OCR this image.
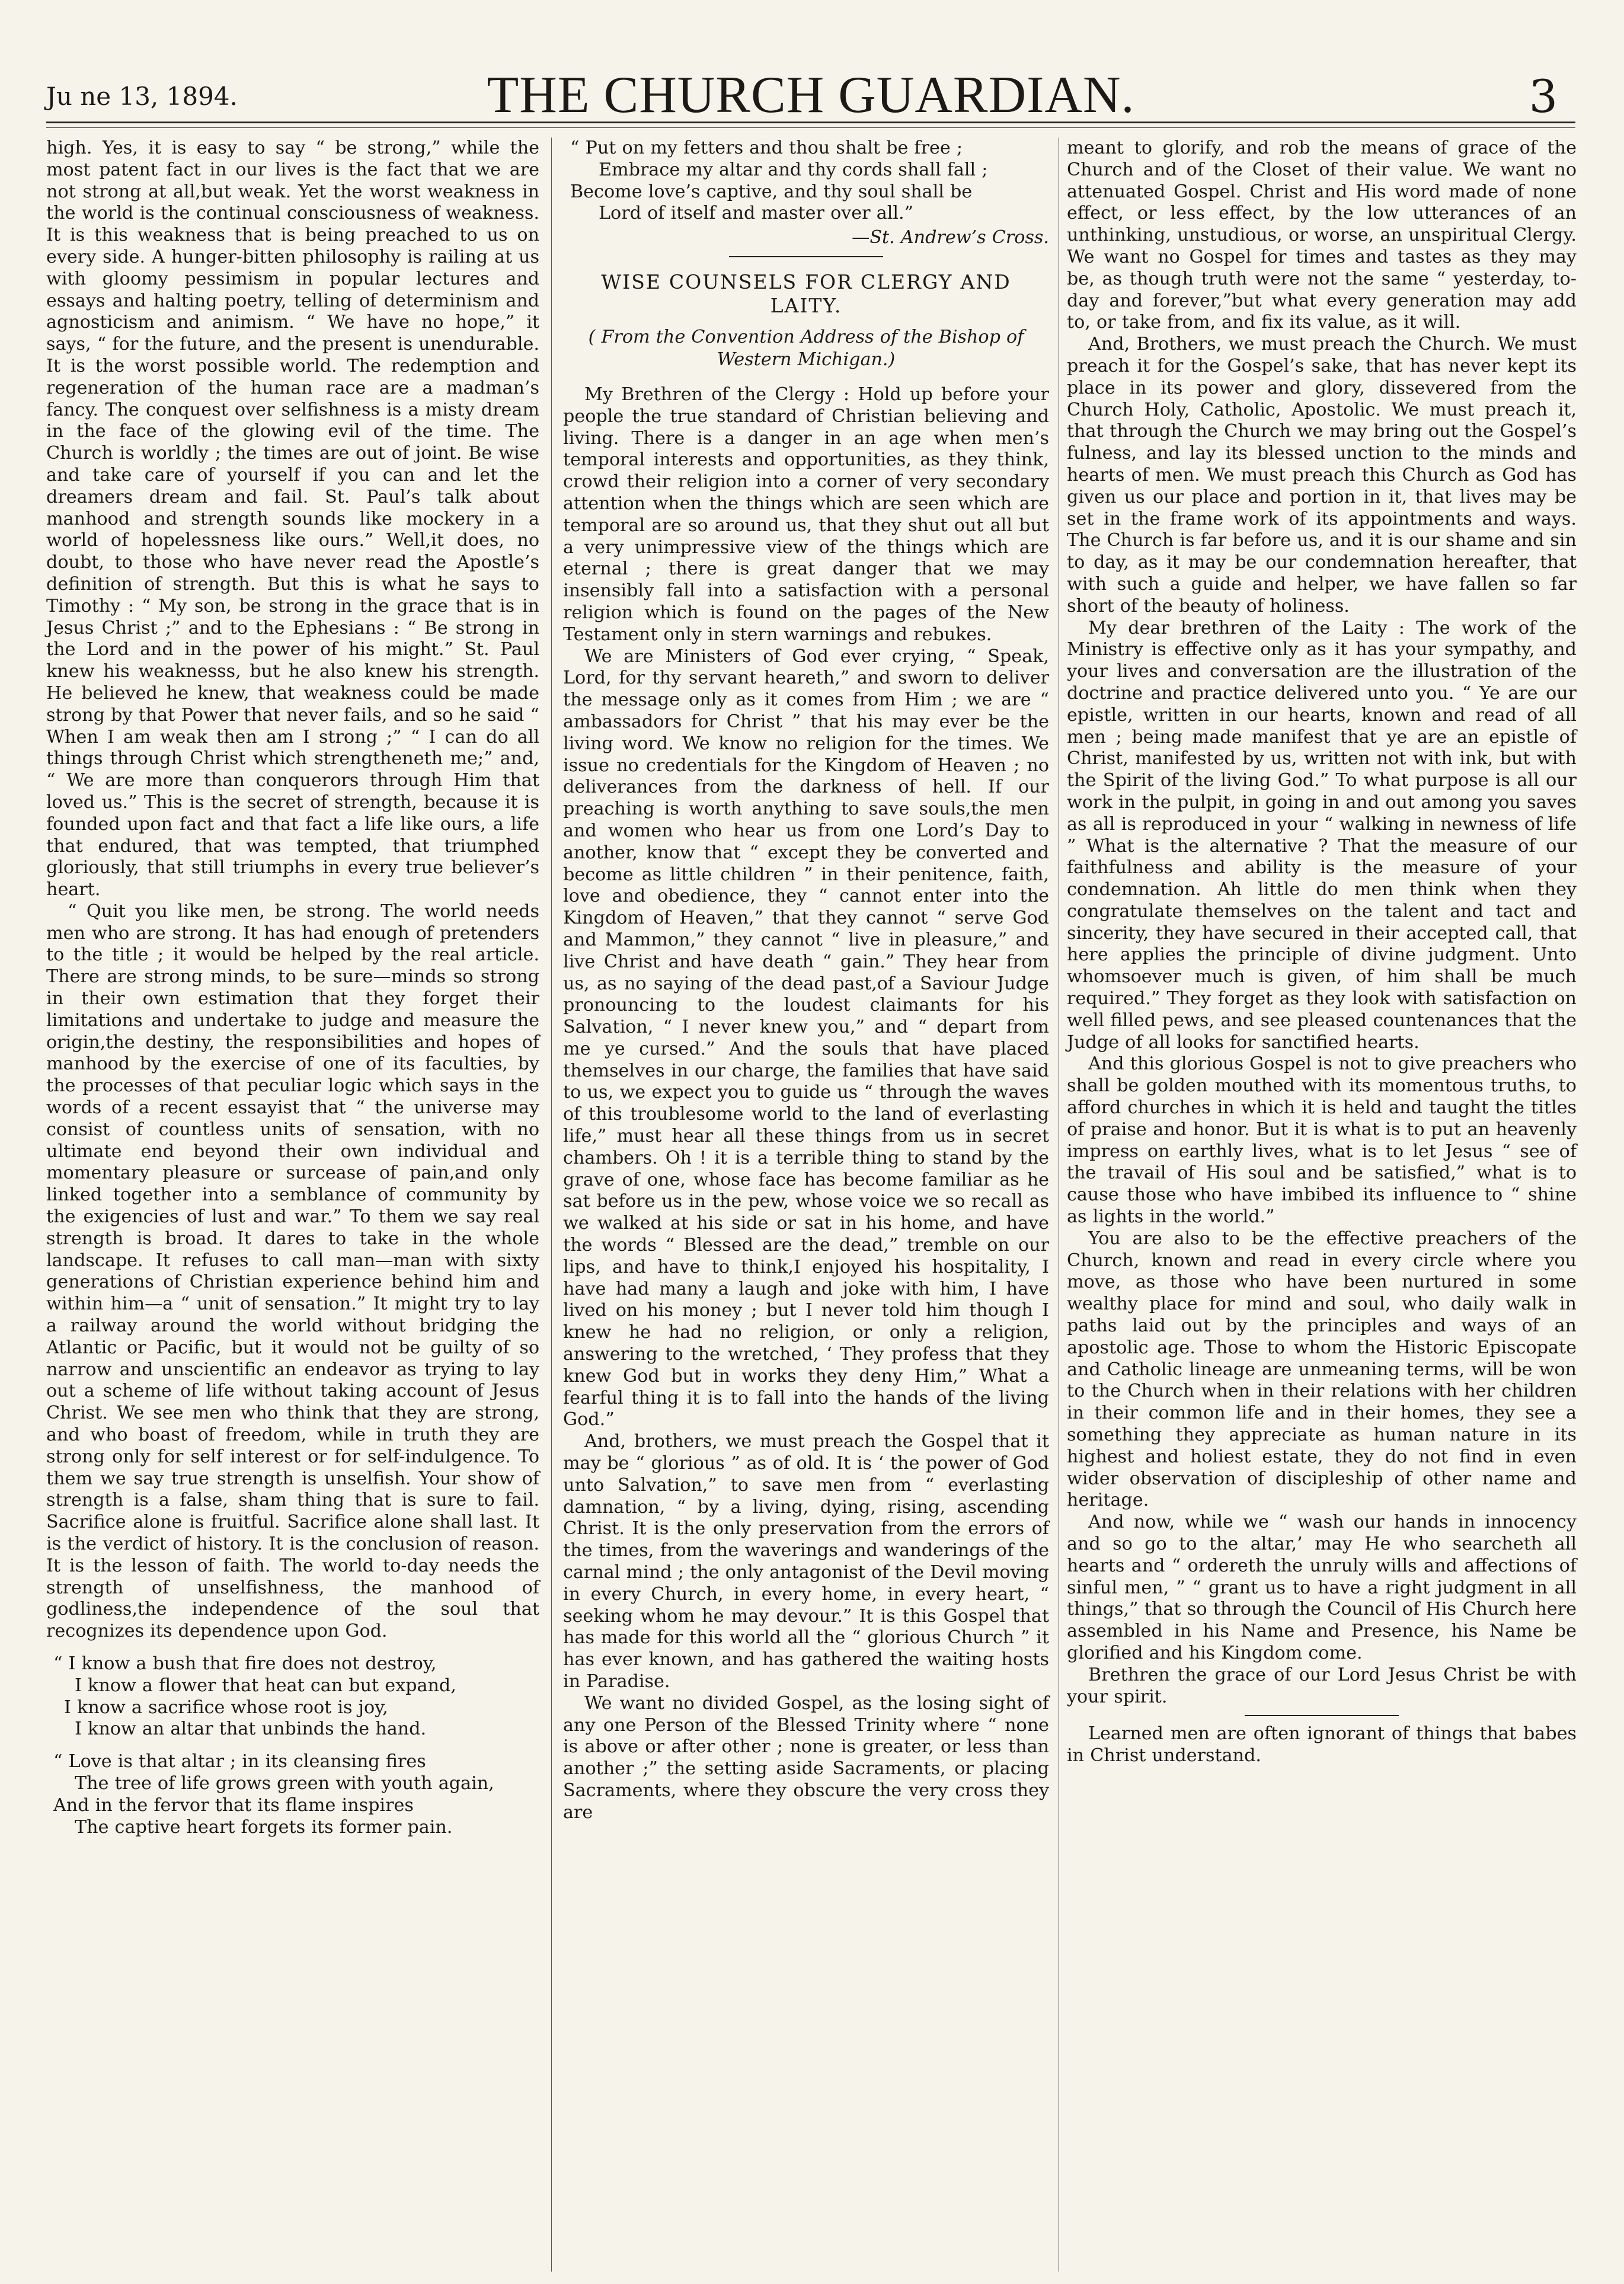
Ju ne 13, 1894.	THE CHURCH GUARDIAN.	3

high. Yes, it is easy to say “ be strong,” while the most patent fact in our lives is the fact that we are not strong at all,but weak. Yet the worst weakness in the world is the continual consciousness of weakness. It is this weakness that is being preached to us on every side. A hunger-bitten philosophy is railing at us with gloomy pessimism in popular lectures and essays and halting poetry, telling of determinism and agnosticism and animism. “ We have no hope,” it says, “ for the future, and the present is unendurable. It is the worst possible world. The redemption and regeneration of the human race are a madman’s fancy. The conquest over selfishness is a misty dream in the face of the glowing evil of the time. The Church is worldly ; the times are out of joint. Be wise and take care of yourself if you can and let the dreamers dream and fail. St. Paul’s talk about manhood and strength sounds like mockery in a world of hopelessness like ours.” Well,it does, no doubt, to those who have never read the Apostle’s definition of strength. But this is what he says to Timothy : “ My son, be strong in the grace that is in Jesus Christ ;” and to the Ephesians : “ Be strong in the Lord and in the power of his might.” St. Paul knew his weaknesss, but he also knew his strength. He believed he knew, that weakness could be made strong by that Power that never fails, and so he said “ When I am weak then am I strong ;” “ I can do all things through Christ which strengtheneth me;” and, “ We are more than conquerors through Him that loved us.” This is the secret of strength, because it is founded upon fact and that fact a life like ours, a life that endured, that was tempted, that triumphed gloriously, that still triumphs in every true believer’s heart.

“ Quit you like men, be strong. The world needs men who are strong. It has had enough of pretenders to the title ; it would be helped by the real article. There are strong minds, to be sure—minds so strong in their own estimation that they forget their limitations and undertake to judge and measure the origin,the destiny, the responsibilities and hopes of manhood by the exercise of one of its faculties, by the processes of that peculiar logic which says in the words of a recent essayist that “ the universe may consist of countless units of sensation, with no ultimate end beyond their own individual and momentary pleasure or surcease of pain,and only linked together into a semblance of community by the exigencies of lust and war.” To them we say real strength is broad. It dares to take in the whole landscape. It refuses to call man—man with sixty generations of Christian experience behind him and within him—a “ unit of sensation.” It might try to lay a railway around the world without bridging the Atlantic or Pacific, but it would not be guilty of so narrow and unscientific an endeavor as trying to lay out a scheme of life without taking account of Jesus Christ. We see men who think that they are strong, and who boast of freedom, while in truth they are strong only for self interest or for self-indulgence. To them we say true strength is unselfish. Your show of strength is a false, sham thing that is sure to fail. Sacrifice alone is fruitful. Sacrifice alone shall last. It is the verdict of history. It is the conclusion of reason. It is the lesson of faith. The world to-day needs the strength of unselfishness, the manhood of godliness,the independence of the soul that recognizes its dependence upon God.

“ I know a bush that fire does not destroy,
I know a flower that heat can but expand,
I know a sacrifice whose root is joy,
I know an altar that unbinds the hand.
“ Love is that altar ; in its cleansing fires
The tree of life grows green with youth again,
And in the fervor that its flame inspires
The captive heart forgets its former pain.
“ Put on my fetters and thou shalt be free ;
Embrace my altar and thy cords shall fall ;
Become love’s captive, and thy soul shall be
Lord of itself and master over all.”
—St. Andrew’s Cross.
WISE COUNSELS FOR CLERGY AND LAITY.
( From the Convention Address of the Bishop of Western Michigan.)

My Brethren of the Clergy : Hold up before your people the true standard of Christian believing and living. There is a danger in an age when men’s temporal interests and opportunities, as they think, crowd their religion into a corner of very secondary attention when the things which are seen which are temporal are so around us, that they shut out all but a very unimpressive view of the things which are eternal ; there is great danger that we may insensibly fall into a satisfaction with a personal religion which is found on the pages of the New Testament only in stern warnings and rebukes.

We are Ministers of God ever crying, “ Speak, Lord, for thy servant heareth,” and sworn to deliver the message only as it comes from Him ; we are “ ambassadors for Christ ” that his may ever be the living word. We know no religion for the times. We issue no credentials for the Kingdom of Heaven ; no deliverances from the darkness of hell. If our preaching is worth anything to save souls,the men and women who hear us from one Lord’s Day to another, know that “ except they be converted and become as little children ” in their penitence, faith, love and obedience, they “ cannot enter into the Kingdom of Heaven,” that they cannot “ serve God and Mammon,” they cannot “ live in pleasure,” and live Christ and have death “ gain.” They hear from us, as no saying of the dead past,of a Saviour Judge pronouncing to the loudest claimants for his Salvation, “ I never knew you,” and “ depart from me ye cursed.” And the souls that have placed themselves in our charge, the families that have said to us, we expect you to guide us “ through the waves of this troublesome world to the land of everlasting life,” must hear all these things from us in secret chambers. Oh ! it is a terrible thing to stand by the grave of one, whose face has become familiar as he sat before us in the pew, whose voice we so recall as we walked at his side or sat in his home, and have the words “ Blessed are the dead,” tremble on our lips, and have to think,I enjoyed his hospitality, I have had many a laugh and joke with him, I have lived on his money ; but I never told him though I knew he had no religion, or only a religion, answering to the wretched, ‘ They profess that they knew God but in works they deny Him,” What a fearful thing it is to fall into the hands of the living God.”

And, brothers, we must preach the Gospel that it may be “ glorious ” as of old. It is ‘ the power of God unto Salvation,” to save men from “ everlasting damnation, “ by a living, dying, rising, ascending Christ. It is the only preservation from the errors of the times, from the waverings and wanderings of the carnal mind ; the only antagonist of the Devil moving in every Church, in every home, in every heart, “ seeking whom he may devour.” It is this Gospel that has made for this world all the “ glorious Church ” it has ever known, and has gathered the waiting hosts in Paradise.

We want no divided Gospel, as the losing sight of any one Person of the Blessed Trinity where “ none is above or after other ; none is greater, or less than another ;” the setting aside Sacraments, or placing Sacraments, where they obscure the very cross they are

meant to glorify, and rob the means of grace of the Church and of the Closet of their value. We want no attenuated Gospel. Christ and His word made of none effect, or less effect, by the low utterances of an unthinking, unstudious, or worse, an unspiritual Clergy. We want no Gospel for times and tastes as they may be, as though truth were not the same “ yesterday, to-day and forever,”but what every generation may add to, or take from, and fix its value, as it will.

And, Brothers, we must preach the Church. We must preach it for the Gospel’s sake, that has never kept its place in its power and glory, dissevered from the Church Holy, Catholic, Apostolic. We must preach it, that through the Church we may bring out the Gospel’s fulness, and lay its blessed unction to the minds and hearts of men. We must preach this Church as God has given us our place and portion in it, that lives may be set in the frame work of its appointments and ways. The Church is far before us, and it is our shame and sin to day, as it may be our condemnation hereafter, that with such a guide and helper, we have fallen so far short of the beauty of holiness.

My dear brethren of the Laity : The work of the Ministry is effective only as it has your sympathy, and your lives and conversation are the illustration of the doctrine and practice delivered unto you. “ Ye are our epistle, written in our hearts, known and read of all men ; being made manifest that ye are an epistle of Christ, manifested by us, written not with ink, but with the Spirit of the living God.” To what purpose is all our work in the pulpit, in going in and out among you saves as all is reproduced in your “ walking in newness of life ” What is the alternative ? That the measure of our faithfulness and ability is the measure of your condemnation. Ah little do men think when they congratulate themselves on the talent and tact and sincerity, they have secured in their accepted call, that here applies the principle of divine judgment. Unto whomsoever much is given, of him shall be much required.” They forget as they look with satisfaction on well filled pews, and see pleased countenances that the Judge of all looks for sanctified hearts.

And this glorious Gospel is not to give preachers who shall be golden mouthed with its momentous truths, to afford churches in which it is held and taught the titles of praise and honor. But it is what is to put an heavenly impress on earthly lives, what is to let Jesus “ see of the travail of His soul and be satisfied,” what is to cause those who have imbibed its influence to “ shine as lights in the world.”

You are also to be the effective preachers of the Church, known and read in every circle where you move, as those who have been nurtured in some wealthy place for mind and soul, who daily walk in paths laid out by the principles and ways of an apostolic age. Those to whom the Historic Episcopate and Catholic lineage are unmeaning terms, will be won to the Church when in their relations with her children in their common life and in their homes, they see a something they appreciate as human nature in its highest and holiest estate, they do not find in even wider observation of discipleship of other name and heritage.

And now, while we “ wash our hands in innocency and so go to the altar,’ may He who searcheth all hearts and “ ordereth the unruly wills and affections of sinful men, ” “ grant us to have a right judgment in all things,” that so through the Council of His Church here assembled in his Name and Presence, his Name be glorified and his Kingdom come.

Brethren the grace of our Lord Jesus Christ be with your spirit.

Learned men are often ignorant of things that babes in Christ understand.
